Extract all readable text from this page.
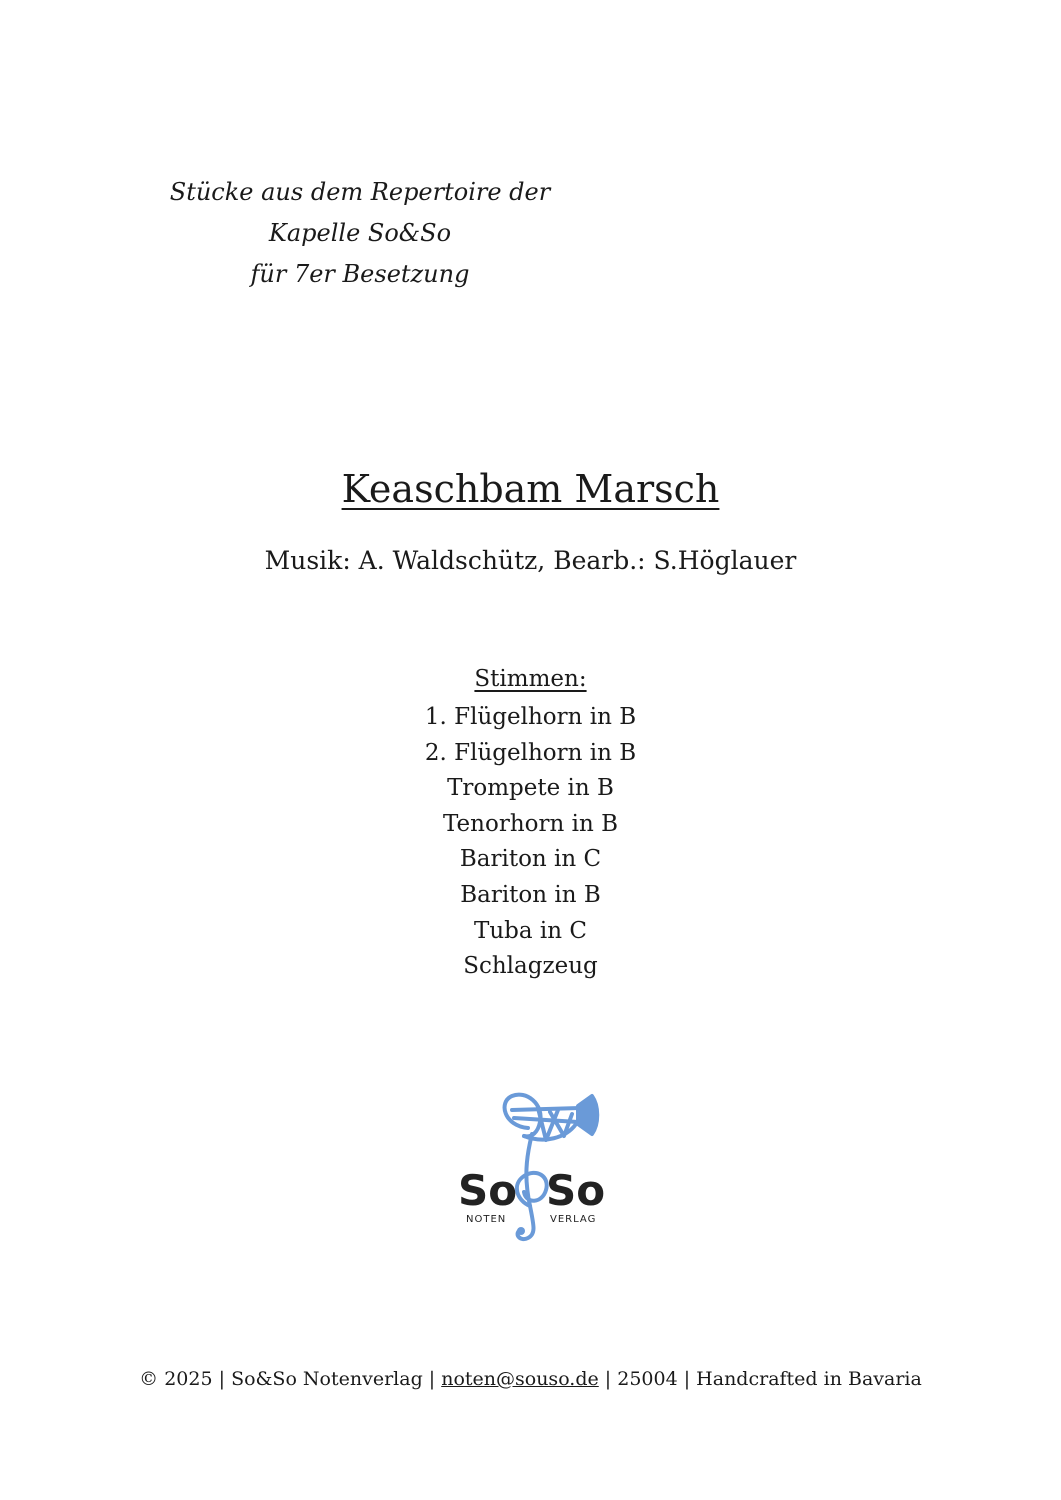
Stücke aus dem Repertoire der
Kapelle So&So
für 7er Besetzung
Keaschbam Marsch
Musik: A. Waldschütz, Bearb.: S.Höglauer
Stimmen:
1. Flügelhorn in B
2. Flügelhorn in B
Trompete in B
Tenorhorn in B
Bariton in C
Bariton in B
Tuba in C
Schlagzeug
So So
NOTEN	VERLAG
© 2025 | So&So Notenverlag | noten@souso.de | 25004 | Handcrafted in Bavaria
